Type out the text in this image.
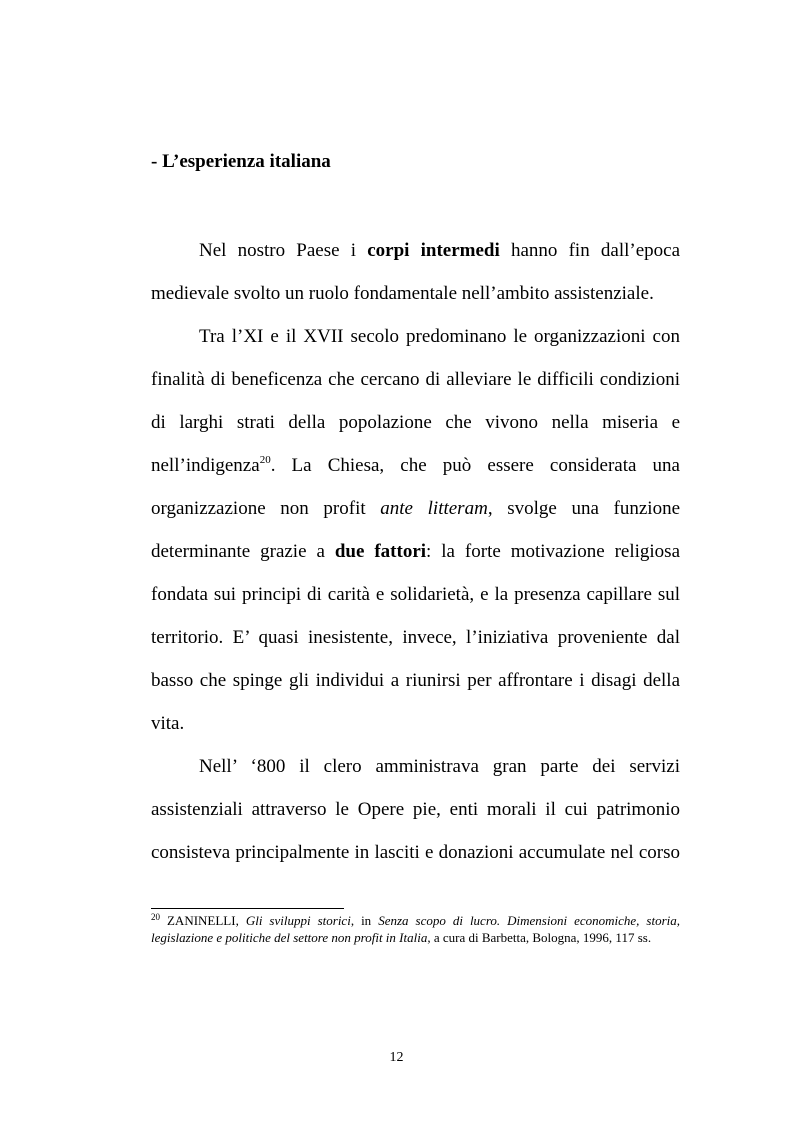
- L’esperienza italiana

Nel nostro Paese i corpi intermedi hanno fin dall’epoca medievale svolto un ruolo fondamentale nell’ambito assistenziale.

Tra l’XI e il XVII secolo predominano le organizzazioni con finalità di beneficenza che cercano di alleviare le difficili condizioni di larghi strati della popolazione che vivono nella miseria e nell’indigenza$^{20}$. La Chiesa, che può essere considerata una organizzazione non profit ante litteram, svolge una funzione determinante grazie a due fattori: la forte motivazione religiosa fondata sui principi di carità e solidarietà, e la presenza capillare sul territorio. E’ quasi inesistente, invece, l’iniziativa proveniente dal basso che spinge gli individui a riunirsi per affrontare i disagi della vita.

Nell’ ‘800 il clero amministrava gran parte dei servizi assistenziali attraverso le Opere pie, enti morali il cui patrimonio consisteva principalmente in lasciti e donazioni accumulate nel corso

$^{20}$ ZANINELLI, Gli sviluppi storici, in Senza scopo di lucro. Dimensioni economiche, storia, legislazione e politiche del settore non profit in Italia, a cura di Barbetta, Bologna, 1996, 117 ss.
12
